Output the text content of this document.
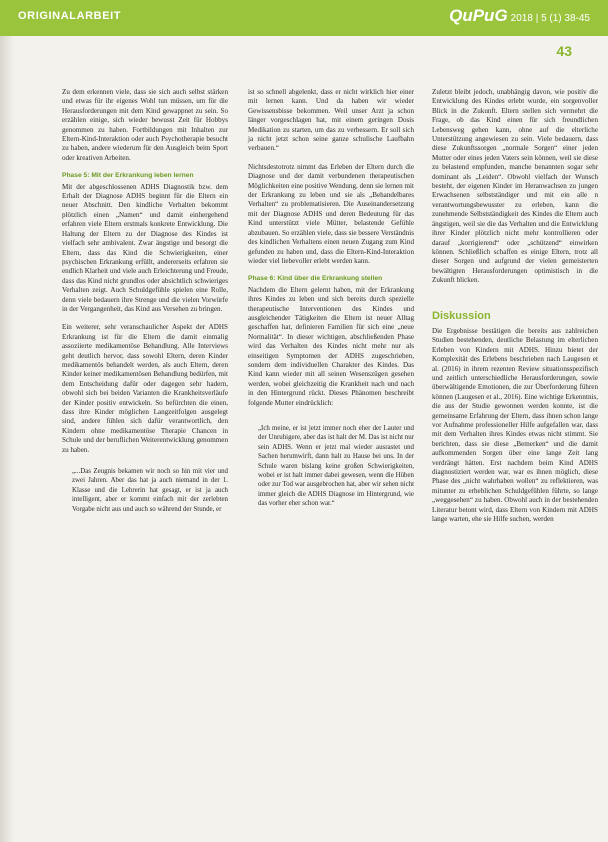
ORIGINALARBEIT	QuPuG 2018 | 5 (1) 38-45
43

Zu dem erkennen viele, dass sie sich auch selbst stärken und etwas für ihr eigenes Wohl tun müssen, um für die Herausforderungen mit dem Kind gewappnet zu sein. So erzählen einige, sich wieder bewusst Zeit für Hobbys genommen zu haben. Fortbildungen mit Inhalten zur Eltern-Kind-Interaktion oder auch Psychotherapie besucht zu haben, andere wiederum für den Ausgleich beim Sport oder kreativen Arbeiten.

Phase 5: Mit der Erkrankung leben lernen

Mit der abgeschlossenen ADHS Diagnostik bzw. dem Erhalt der Diagnose ADHS beginnt für die Eltern ein neuer Abschnitt. Den kindliche Verhalten bekommt plötzlich einen „Namen“ und damit einhergehend erfahren viele Eltern erstmals konkrete Entwicklung. Die Haltung der Eltern zu der Diagnose des Kindes ist vielfach sehr ambivalent. Zwar ängstige und besorgt die Eltern, dass das Kind die Schwierigkeiten, einer psychischen Erkrankung erfüllt, andererseits erfahren sie endlich Klarheit und viele auch Erleichterung und Freude, dass das Kind nicht grundlos oder absichtlich schwieriges Verhalten zeigt. Auch Schuldgefühle spielen eine Rolle, denn viele bedauern ihre Strenge und die vielen Vorwürfe in der Vergangenheit, das Kind aus Versehen zu bringen.

Ein weiterer, sehr veranschaulicher Aspekt der ADHS Erkrankung ist für die Eltern die damit einmalig assoziierte medikamentöse Behandlung. Alle Interviews geht deutlich hervor, dass sowohl Eltern, deren Kinder medikamentös behandelt werden, als auch Eltern, deren Kinder keiner medikamentösen Behandlung bedürfen, mit dem Entscheidung dafür oder dagegen sehr hadern, obwohl sich bei beiden Varianten die Krankheitsverläufe der Kinder positiv entwickeln. So befürchten die einen, dass ihre Kinder möglichen Langzeitfolgen ausgelegt sind, andere fühlen sich dafür verantwortlich, den Kindern ohne medikamentöse Therapie Chancen in Schule und der beruflichen Weiterentwicklung genommen zu haben.

„...Das Zeugnis bekamen wir noch so hin mit vier und zwei Jahren. Aber das hat ja auch niemand in der 1. Klasse und die Lehrerin hat gesagt, er ist ja auch intelligent, aber er kommt einfach mit der zerlebten Vorgabe nicht aus und auch so während der Stunde, er

ist so schnell abgelenkt, dass er nicht wirklich hier einer mit lernen kann. Und da haben wir wieder Gewissensbisse bekommen. Weil unser Arzt ja schon länger vorgeschlagen hat, mit einem geringen Dosis Medikation zu starten, um das zu verbessern. Er soll sich ja nicht jetzt schon seine ganze schulische Laufbahn verbauen.“

Nichtsdestotrotz nimmt das Erleben der Eltern durch die Diagnose und der damit verbundenen therapeutischen Möglichkeiten eine positive Wendung, denn sie lernen mit der Erkrankung zu leben und sie als „Behandelbares Verhalten“ zu problematisieren. Die Auseinandersetzung mit der Diagnose ADHS und deren Bedeutung für das Kind unterstützt viele Mütter, belastende Gefühle abzubauen. So erzählen viele, dass sie bessere Verständnis des kindlichen Verhaltens einen neuen Zugang zum Kind gefunden zu haben und, dass die Eltern-Kind-Interaktion wieder viel liebevoller erlebt werden kann.

Phase 6: Kind über die Erkrankung stellen

Nachdem die Eltern gelernt haben, mit der Erkrankung ihres Kindes zu leben und sich bereits durch spezielle therapeutische Interventionen des Kindes und ausgleichender Tätigkeiten die Eltern ist neuer Alltag geschaffen hat, definieren Familien für sich eine „neue Normalität“. In dieser wichtigen, abschließenden Phase wird das Verhalten des Kindes nicht mehr nur als einseitigen Symptomen der ADHS zugeschrieben, sondern dem individuellen Charakter des Kindes. Das Kind kann wieder mit all seinen Wesenszügen gesehen werden, wobei gleichzeitig die Krankheit nach und nach in den Hintergrund rückt. Dieses Phänomen beschreibt folgende Mutter eindrücklich:

„Ich meine, er ist jetzt immer noch eher der Lauter und der Unruhigere, aber das ist halt der M. Das ist nicht nur sein ADHS. Wenn er jetzt mal wieder ausrastet und Sachen herumwirft, dann halt zu Hause bei uns. In der Schule waren bislang keine großen Schwierigkeiten, wobei er ist halt immer dabei gewesen, wenn die Hüben oder zur Tod war ausgebrochen hat, aber wir sehen nicht immer gleich die ADHS Diagnose im Hintergrund, wie das vorher eher schon war.“

Zuletzt bleibt jedoch, unabhängig davon, wie positiv die Entwicklung des Kindes erlebt wurde, ein sorgenvoller Blick in die Zukunft. Eltern stellen sich vermehrt die Frage, ob das Kind einen für sich freundlichen Lebensweg gehen kann, ohne auf die elterliche Unterstützung angewiesen zu sein. Viele bedauern, dass diese Zukunftssorgen „normale Sorgen“ einer jeden Mutter oder eines jeden Vaters sein können, weil sie diese zu belastend empfunden, manche benannten sogar sehr dominant als „Leiden“. Obwohl vielfach der Wunsch besteht, der eigenen Kinder im Heranwachsen zu jungen Erwachsenen selbstständiger und mit ein alle n verantwortungsbewusster zu erleben, kann die zunehmende Selbstständigkeit des Kindes die Eltern auch ängstigen, weil sie die das Verhalten und die Entwicklung ihrer Kinder plötzlich nicht mehr kontrollieren oder darauf „korrigierend“ oder „schützend“ einwirken können. Schließlich schaffen es einige Eltern, trotz all dieser Sorgen und aufgrund der vielen gemeisterten bewältigten Herausforderungen optimistisch in die Zukunft blicken.

Diskussion

Die Ergebnisse bestätigen die bereits aus zahlreichen Studien bestehenden, deutliche Belastung im elterlichen Erleben von Kindern mit ADHS. Hinzu bietet der Komplexität des Erlebens beschrieben nach Laugesen et al. (2016) in ihrem rezenten Review situationsspezifisch und zeitlich unterschiedliche Herausforderungen, sowie überwältigende Emotionen, die zur Überforderung führen können (Laugesen et al., 2016). Eine wichtige Erkenntnis, die aus der Studie gewonnen werden konnte, ist die gemeinsame Erfahrung der Eltern, dass ihnen schon lange vor Aufnahme professioneller Hilfe aufgefallen war, dass mit dem Verhalten ihres Kindes etwas nicht stimmt. Sie berichten, dass sie diese „Bemerken“ und die damit aufkommenden Sorgen über eine lange Zeit lang verdrängt hätten. Erst nachdem beim Kind ADHS diagnostiziert werden war, war es ihnen möglich, diese Phase des „nicht wahrhaben wollen“ zu reflektieren, was mitunter zu erheblichen Schuldgefühlen führte, so lange „weggesehen“ zu haben. Obwohl auch in der bestehenden Literatur betont wird, dass Eltern von Kindern mit ADHS lange warten, ehe sie Hilfe suchen, werden
